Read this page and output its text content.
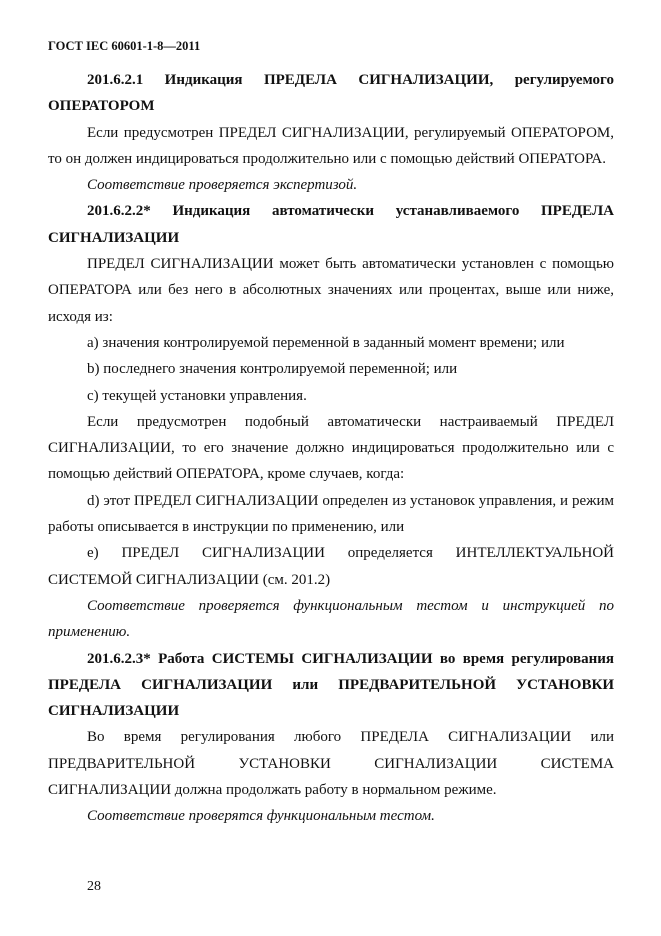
ГОСТ IEC 60601-1-8—2011

201.6.2.1 Индикация ПРЕДЕЛА СИГНАЛИЗАЦИИ, регулируемого ОПЕРАТОРОМ

Если предусмотрен ПРЕДЕЛ СИГНАЛИЗАЦИИ, регулируемый ОПЕРАТОРОМ, то он должен индицироваться продолжительно или с помощью действий ОПЕРАТОРА.

Соответствие проверяется экспертизой.

201.6.2.2* Индикация автоматически устанавливаемого ПРЕДЕЛА СИГНАЛИЗАЦИИ

ПРЕДЕЛ СИГНАЛИЗАЦИИ может быть автоматически установлен с помощью ОПЕРАТОРА или без него в абсолютных значениях или процентах, выше или ниже, исходя из:

a) значения контролируемой переменной в заданный момент времени; или

b) последнего значения контролируемой переменной; или

c) текущей установки управления.

Если предусмотрен подобный автоматически настраиваемый ПРЕДЕЛ СИГНАЛИЗАЦИИ, то его значение должно индицироваться продолжительно или с помощью действий ОПЕРАТОРА, кроме случаев, когда:

d) этот ПРЕДЕЛ СИГНАЛИЗАЦИИ определен из установок управления, и режим работы описывается в инструкции по применению, или

e) ПРЕДЕЛ СИГНАЛИЗАЦИИ определяется ИНТЕЛЛЕКТУАЛЬНОЙ СИСТЕМОЙ СИГНАЛИЗАЦИИ (см. 201.2)

Соответствие проверяется функциональным тестом и инструкцией по применению.

201.6.2.3* Работа СИСТЕМЫ СИГНАЛИЗАЦИИ во время регулирования ПРЕДЕЛА СИГНАЛИЗАЦИИ или ПРЕДВАРИТЕЛЬНОЙ УСТАНОВКИ СИГНАЛИЗАЦИИ

Во время регулирования любого ПРЕДЕЛА СИГНАЛИЗАЦИИ или ПРЕДВАРИТЕЛЬНОЙ УСТАНОВКИ СИГНАЛИЗАЦИИ СИСТЕМА СИГНАЛИЗАЦИИ должна продолжать работу в нормальном режиме.

Соответствие проверятся функциональным тестом.

28
